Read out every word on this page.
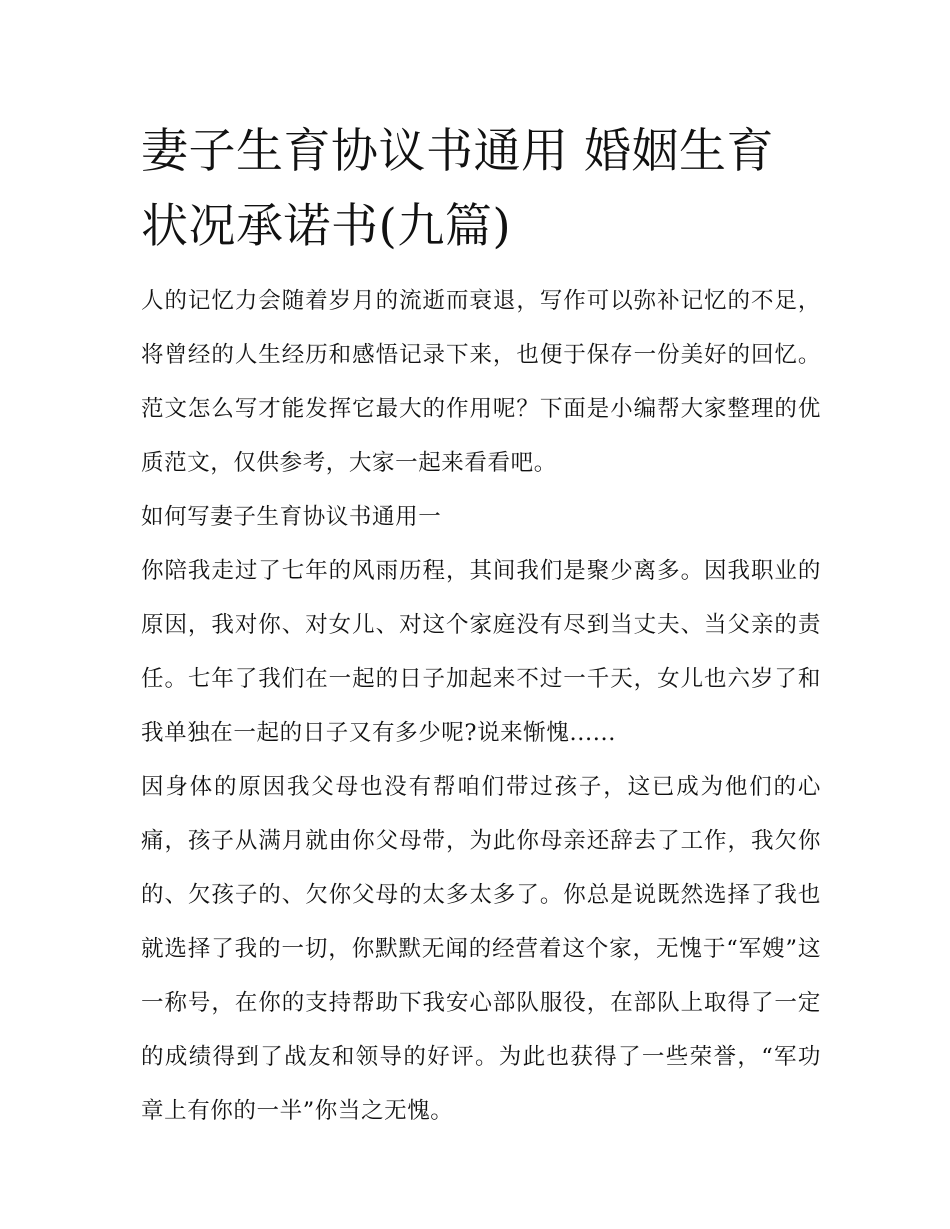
妻子生育协议书通用 婚姻生育状况承诺书(九篇)

人的记忆力会随着岁月的流逝而衰退，写作可以弥补记忆的不足，将曾经的人生经历和感悟记录下来，也便于保存一份美好的回忆。范文怎么写才能发挥它最大的作用呢？下面是小编帮大家整理的优质范文，仅供参考，大家一起来看看吧。

如何写妻子生育协议书通用一

你陪我走过了七年的风雨历程，其间我们是聚少离多。因我职业的原因，我对你、对女儿、对这个家庭没有尽到当丈夫、当父亲的责任。七年了我们在一起的日子加起来不过一千天，女儿也六岁了和我单独在一起的日子又有多少呢?说来惭愧......

因身体的原因我父母也没有帮咱们带过孩子，这已成为他们的心痛，孩子从满月就由你父母带，为此你母亲还辞去了工作，我欠你的、欠孩子的、欠你父母的太多太多了。你总是说既然选择了我也就选择了我的一切，你默默无闻的经营着这个家，无愧于“军嫂”这一称号，在你的支持帮助下我安心部队服役，在部队上取得了一定的成绩得到了战友和领导的好评。为此也获得了一些荣誉，“军功章上有你的一半”你当之无愧。
